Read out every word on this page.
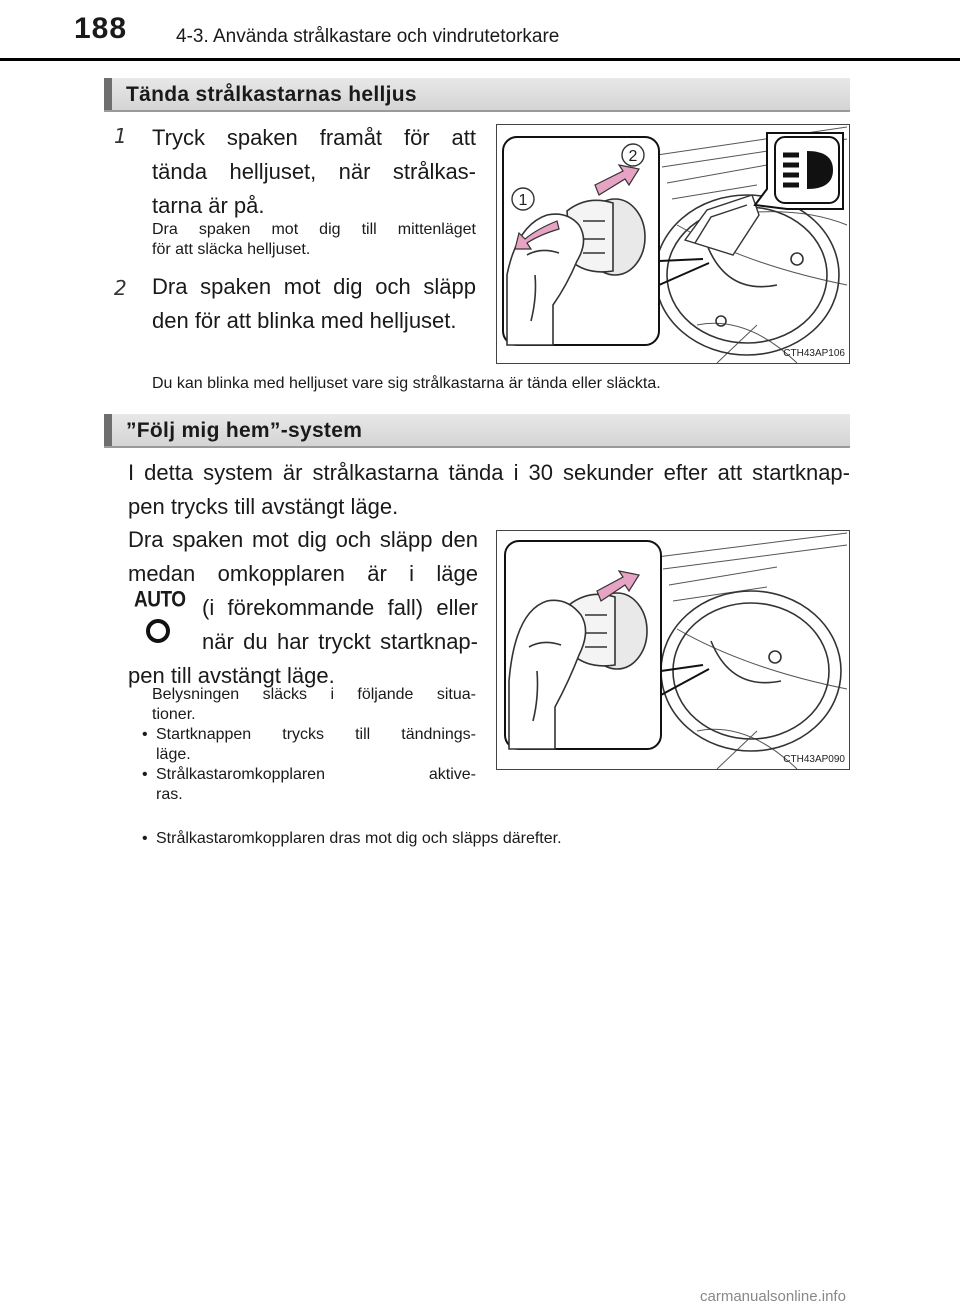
188	4-3. Använda strålkastare och vindrutetorkare
Tända strålkastarnas helljus
1 Tryck spaken framåt för att

tända helljuset, när strålkas-

tarna är på.

Dra spaken mot dig till mittenläget

för att släcka helljuset.

2 Dra spaken mot dig och släpp

den för att blinka med helljuset.

2
1
CTH43AP106
Du kan blinka med helljuset vare sig strålkastarna är tända eller släckta.
”Följ mig hem”-system

I detta system är strålkastarna tända i 30 sekunder efter att startknap-

pen trycks till avstängt läge.

Dra spaken mot dig och släpp den

medan omkopplaren är i läge

(i förekommande fall) eller

när du har tryckt startknap-

pen till avstängt läge.

AUTO

Belysningen släcks i följande situa-

tioner.

• Startknappen trycks till tändnings-
läge.
• Strålkastaromkopplaren aktive-
ras.
• Strålkastaromkopplaren dras mot dig och släpps därefter.
CTH43AP090
carmanualsonline.info
